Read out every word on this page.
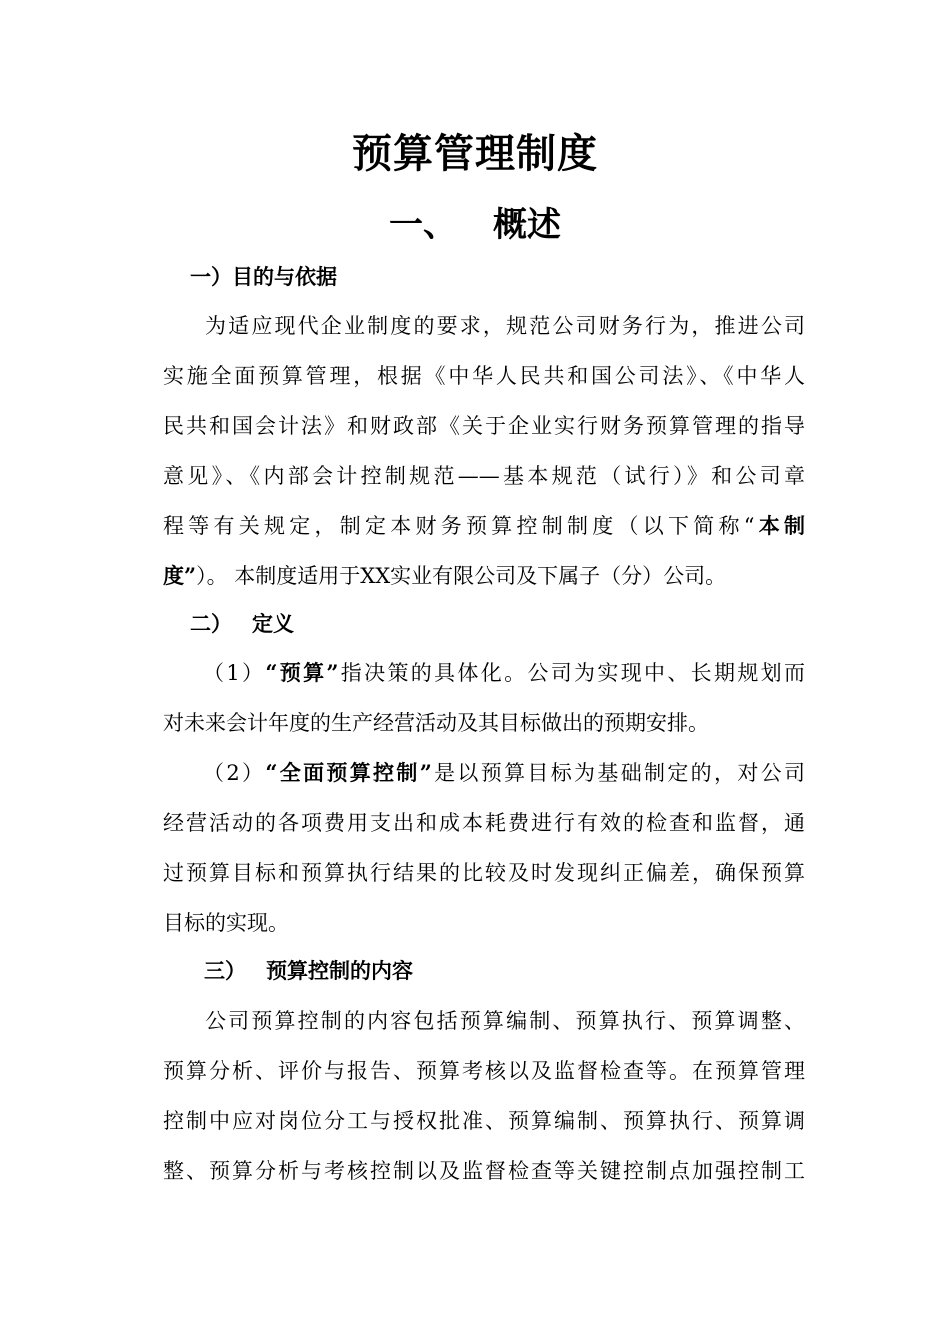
预算管理制度
一、 概述
一）目的与依据
为适应现代企业制度的要求，规范公司财务行为，推进公司
实施全面预算管理，根据《中华人民共和国公司法》、《中华人
民共和国会计法》和财政部《关于企业实行财务预算管理的指导
意见》、《内部会计控制规范——基本规范（试行）》和公司章
程等有关规定，制定本财务预算控制制度（以下简称“本制
度”）。 本制度适用于XX实业有限公司及下属子（分）公司。
二） 定义
（1）“预算”指决策的具体化。公司为实现中、长期规划而
对未来会计年度的生产经营活动及其目标做出的预期安排。
（2）“全面预算控制”是以预算目标为基础制定的，对公司
经营活动的各项费用支出和成本耗费进行有效的检查和监督，通
过预算目标和预算执行结果的比较及时发现纠正偏差，确保预算
目标的实现。
三） 预算控制的内容
公司预算控制的内容包括预算编制、预算执行、预算调整、
预算分析、评价与报告、预算考核以及监督检查等。在预算管理
控制中应对岗位分工与授权批准、预算编制、预算执行、预算调
整、预算分析与考核控制以及监督检查等关键控制点加强控制工
